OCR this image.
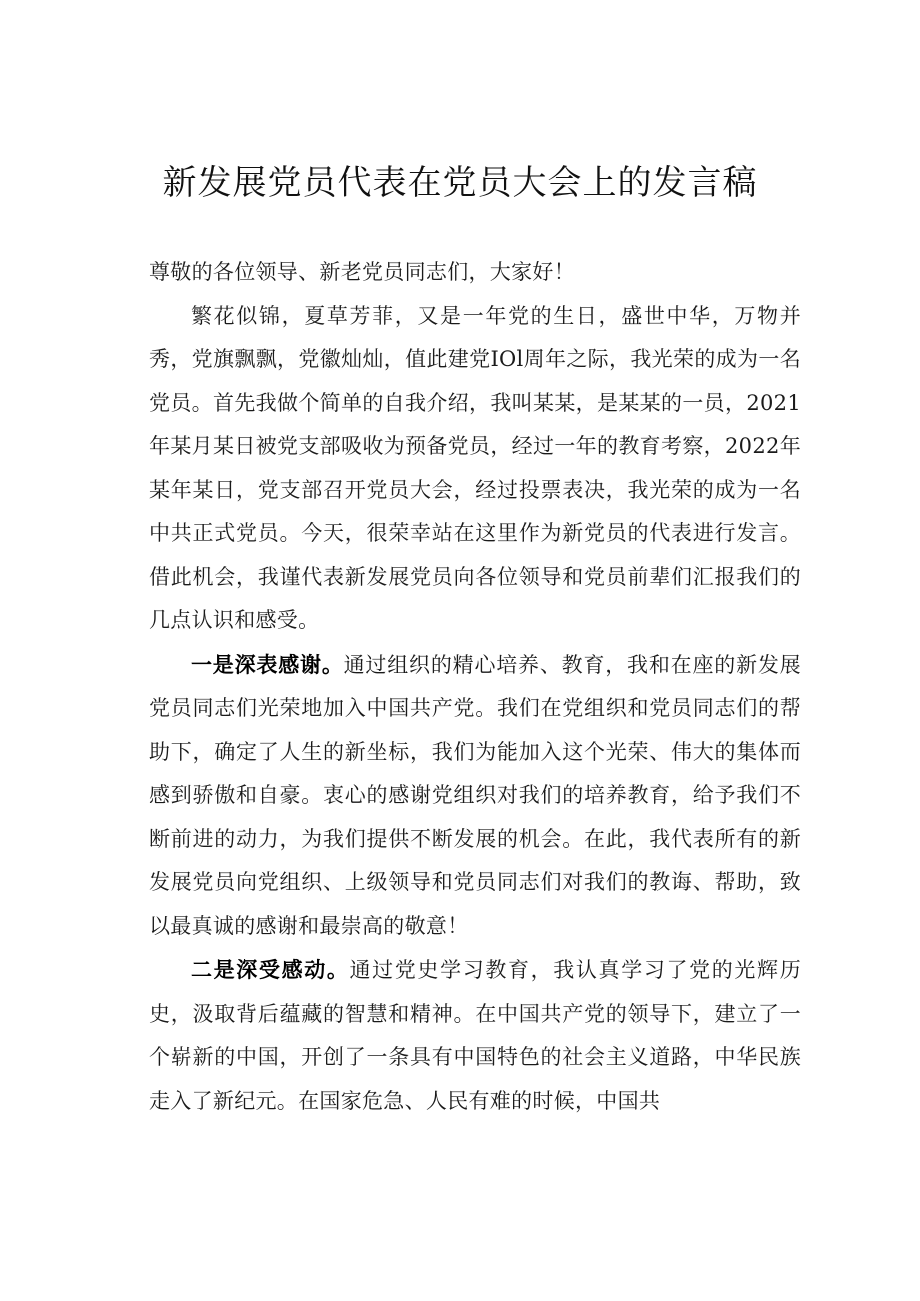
新发展党员代表在党员大会上的发言稿

尊敬的各位领导、新老党员同志们，大家好！

繁花似锦，夏草芳菲，又是一年党的生日，盛世中华，万物并秀，党旗飘飘，党徽灿灿，值此建党IOl周年之际，我光荣的成为一名党员。首先我做个简单的自我介绍，我叫某某，是某某的一员，2021年某月某日被党支部吸收为预备党员，经过一年的教育考察，2022年某年某日，党支部召开党员大会，经过投票表决，我光荣的成为一名中共正式党员。今天，很荣幸站在这里作为新党员的代表进行发言。借此机会，我谨代表新发展党员向各位领导和党员前辈们汇报我们的几点认识和感受。

一是深表感谢。通过组织的精心培养、教育，我和在座的新发展党员同志们光荣地加入中国共产党。我们在党组织和党员同志们的帮助下，确定了人生的新坐标，我们为能加入这个光荣、伟大的集体而感到骄傲和自豪。衷心的感谢党组织对我们的培养教育，给予我们不断前进的动力，为我们提供不断发展的机会。在此，我代表所有的新发展党员向党组织、上级领导和党员同志们对我们的教诲、帮助，致以最真诚的感谢和最崇高的敬意！

二是深受感动。通过党史学习教育，我认真学习了党的光辉历史，汲取背后蕴藏的智慧和精神。在中国共产党的领导下，建立了一个崭新的中国，开创了一条具有中国特色的社会主义道路，中华民族走入了新纪元。在国家危急、人民有难的时候，中国共
